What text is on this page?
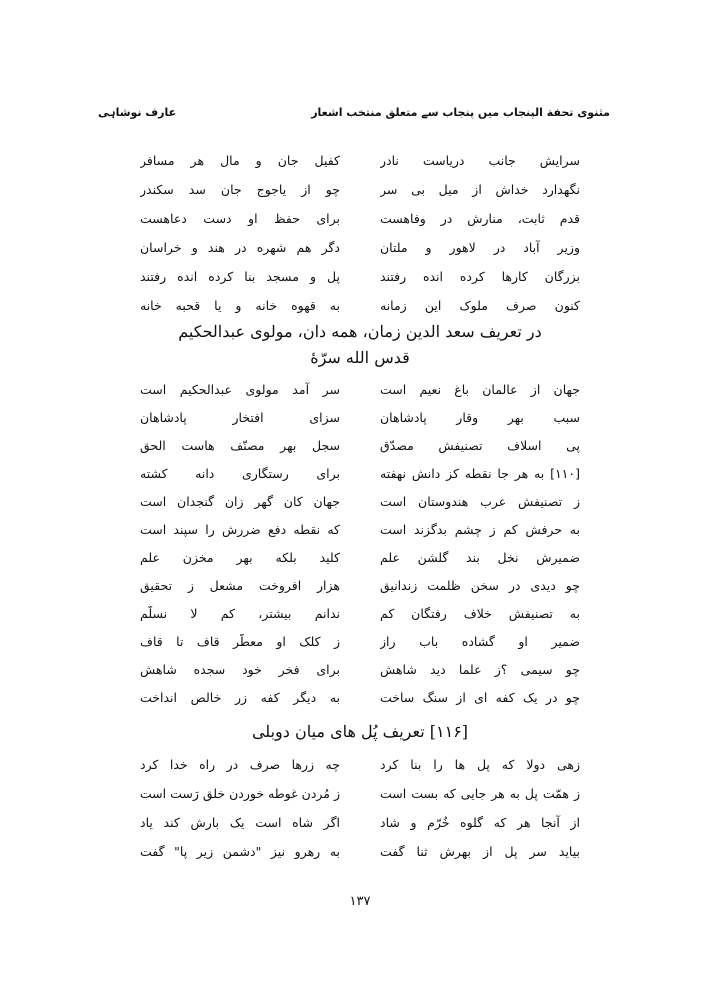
مثنوی تحفة الپنجاب میں پنجاب سے متعلق منتخب اشعار
عارف نوشاہی
سرایش جانب دریاست نادر
کفیل جان و مال هر مسافر
نگهدارد خداش از میل بی سر
چو از یاجوج جان سد سکندر
قدم ثابت، منارش در وفاهست
برای حفظ او دست دعاهست
وزیر آباد در لاهور و ملتان
دگر هم شهره در هند و خراسان
بزرگان کارها کرده انده رفتند
پل و مسجد بنا کرده انده رفتند
کنون صرف ملوک این زمانه
به قهوه خانه و یا قحبه خانه
در تعریف سعد الدین زمان، همه دان، مولوی عبدالحکیم
قدس الله سرّهٔ
جهان از عالمان باغ نعیم است
سر آمد مولوی عبدالحکیم است
سبب بهر وقار پادشاهان
سزای افتخار پادشاهان
پی اسلاف تصنیفش مصدّق
سجل بهر مصنّف هاست الحق
[۱۱۰] به هر جا نقطه کز دانش نهفته
برای رستگاری دانه کشته
ز تصنیفش عرب هندوستان است
جهان کان گهر زان گنجدان است
به حرفش کم ز چشم بدگزند است
که نقطه دفع ضررش را سپند است
ضمیرش نخل بند گلشن علم
کلید بلکه بهر مخزن علم
چو دیدی در سخن ظلمت زندانیق
هزار افروخت مشعل ز تحقیق
به تصنیفش خلاف رفتگان کم
ندانم بیشتر، کم لا نسلّم
ضمیر او گشاده باب راز
ز کلک او معطّر قاف تا قاف
چو سیمی ؟ز علما دید شاهش
برای فخر خود سجده شاهش
چو در یک کفه ای از سنگ ساخت
به دیگر کفه زر خالص انداخت
[۱۱۶] تعریف پُل های میان دوبلی
زهی دولا که پل ها را بنا کرد
چه زرها صرف در راه خدا کرد
ز همّت پل به هر جایی که بست است
ز مُردن غوطه خوردن خلق رَست است
از آنجا هر که گلوه خُرّم و شاد
اگر شاه است یک بارش کند یاد
بیاید سر پل از بهرش ثنا گفت
به رهرو نیز "دشمن زیر پا" گفت
۱۳۷
